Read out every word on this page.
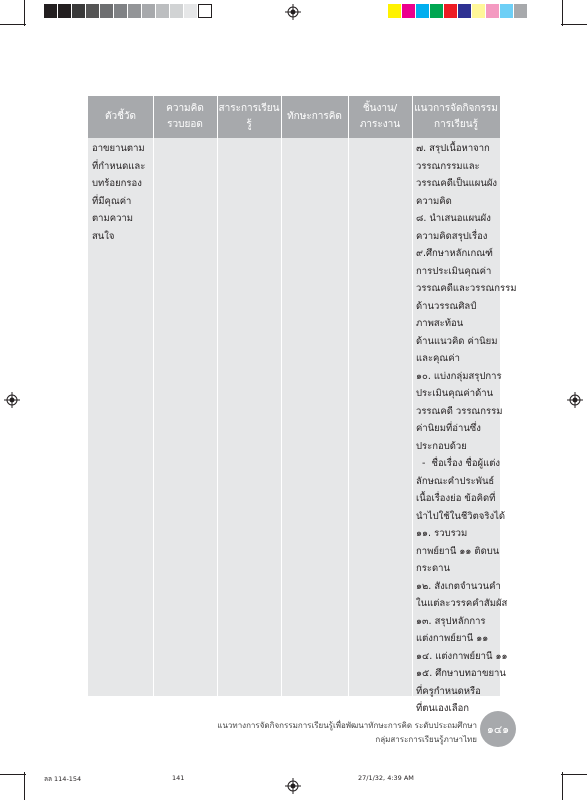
ตัวชี้วัด
ความคิด
รวบยอด
สาระการเรียนรู้
ทักษะการคิด
ชิ้นงาน/
ภาระงาน
แนวการจัดกิจกรรม
การเรียนรู้
อาขยานตาม
ที่กำหนดและ
บทร้อยกรอง
ที่มีคุณค่า
ตามความ
สนใจ
๗. สรุปเนื้อหาจาก
วรรณกรรมและ
วรรณคดีเป็นแผนผัง
ความคิด
๘. นำเสนอแผนผัง
ความคิดสรุปเรื่อง
๙.ศึกษาหลักเกณฑ์
การประเมินคุณค่า
วรรณคดีและวรรณกรรม
ด้านวรรณศิลป์
ภาพสะท้อน
ด้านแนวคิด ค่านิยม
และคุณค่า
๑๐. แบ่งกลุ่มสรุปการ
ประเมินคุณค่าด้าน
วรรณคดี วรรณกรรม
ค่านิยมที่อ่านซึ่ง
ประกอบด้วย
-  ชื่อเรื่อง ชื่อผู้แต่ง
ลักษณะคำประพันธ์
เนื้อเรื่องย่อ ข้อคิดที่
นำไปใช้ในชีวิตจริงได้
๑๑. รวบรวม
กาพย์ยานี ๑๑ ติดบน
กระดาน
๑๒. สังเกตจำนวนคำ
ในแต่ละวรรคคำสัมผัส
๑๓. สรุปหลักการ
แต่งกาพย์ยานี ๑๑
๑๔. แต่งกาพย์ยานี ๑๑
๑๕. ศึกษาบทอาขยาน
ที่ครูกำหนดหรือ
ที่ตนเองเลือก
แนวทางการจัดกิจกรรมการเรียนรู้เพื่อพัฒนาทักษะการคิด ระดับประถมศึกษา
กลุ่มสาระการเรียนรู้ภาษาไทย
๑๔๑
ลล 114-154	141	27/1/32, 4:39 AM
